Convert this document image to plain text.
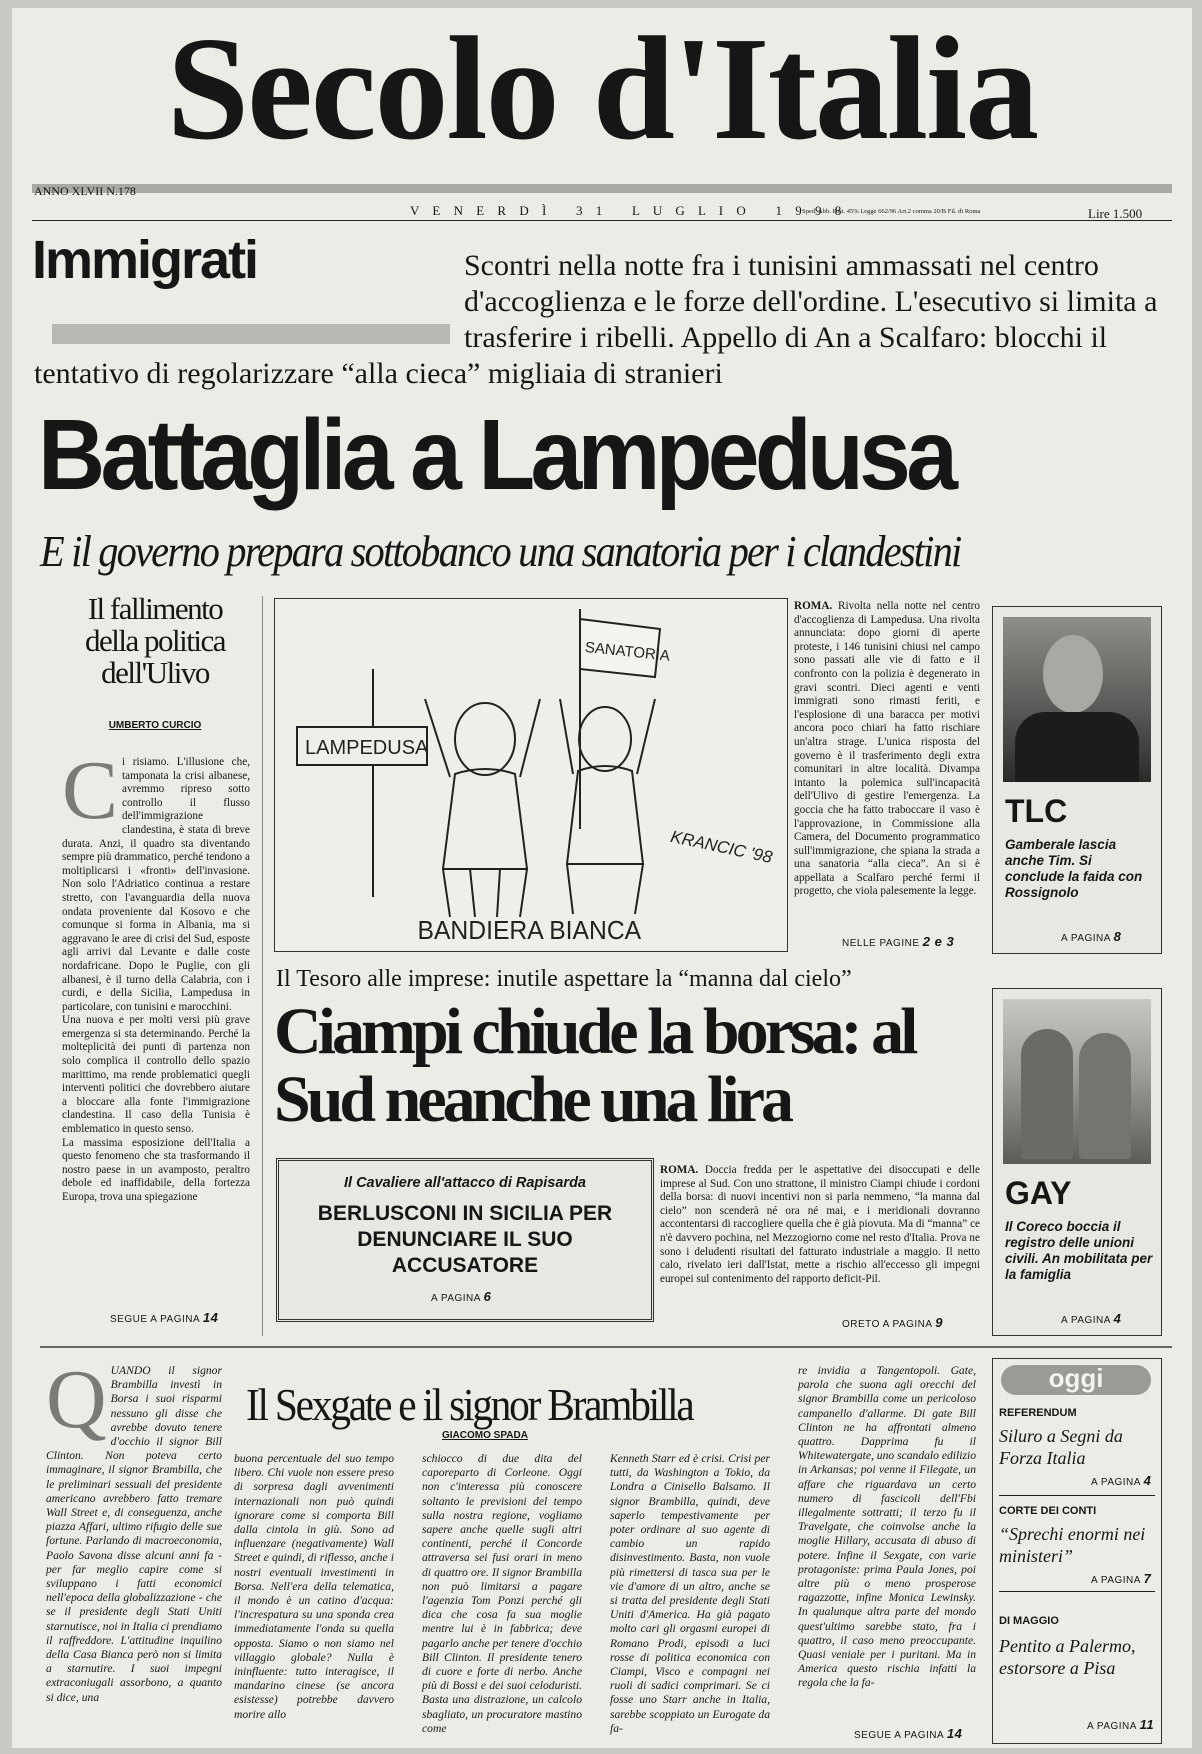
Secolo d'Italia
ANNO XLVII N.178
V E N E R D Ì   3 1   L U G L I O   1 9 9 8
Sped. Abb. Post. 45% Legge 662/96 Art.2 comma 20/B Fil. di Roma	Lire 1.500
Immigrati	Scontri nella notte fra i tunisini ammassati nel centro d'accoglienza e le forze dell'ordine. L'esecutivo si limita a trasferire i ribelli. Appello di An a Scalfaro: blocchi il tentativo di regolarizzare “alla cieca” migliaia di stranieri
Battaglia a Lampedusa
E il governo prepara sottobanco una sanatoria per i clandestini
Il fallimento della politica dell'Ulivo
UMBERTO CURCIO
C i risiamo. L'illusione che, tamponata la crisi albanese, avremmo ripreso sotto controllo il flusso dell'immigrazione clandestina, è stata di breve durata. Anzi, il quadro sta diventando sempre più drammatico, perché tendono a moltiplicarsi i «fronti» dell'invasione. Non solo l'Adriatico continua a restare stretto, con l'avanguardia della nuova ondata proveniente dal Kosovo e che comunque si forma in Albania, ma si aggravano le aree di crisi del Sud, esposte agli arrivi dal Levante e dalle coste nordafricane. Dopo le Puglie, con gli albanesi, è il turno della Calabria, con i curdi, e della Sicilia, Lampedusa in particolare, con tunisini e marocchini.
Una nuova e per molti versi più grave emergenza si sta determinando. Perché la molteplicità dei punti di partenza non solo complica il controllo dello spazio marittimo, ma rende problematici quegli interventi politici che dovrebbero aiutare a bloccare alla fonte l'immigrazione clandestina. Il caso della Tunisia è emblematico in questo senso.
La massima esposizione dell'Italia a questo fenomeno che sta trasformando il nostro paese in un avamposto, peraltro debole ed inaffidabile, della fortezza Europa, trova una spiegazione
SEGUE A PAGINA 14
LAMPEDUSA
SANATORIA
KRANCIC '98
BANDIERA BIANCA
ROMA. Rivolta nella notte nel centro d'accoglienza di Lampedusa. Una rivolta annunciata: dopo giorni di aperte proteste, i 146 tunisini chiusi nel campo sono passati alle vie di fatto e il confronto con la polizia è degenerato in gravi scontri. Dieci agenti e venti immigrati sono rimasti feriti, e l'esplosione di una baracca per motivi ancora poco chiari ha fatto rischiare un'altra strage. L'unica risposta del governo è il trasferimento degli extra comunitari in altre località. Divampa intanto la polemica sull'incapacità dell'Ulivo di gestire l'emergenza. La goccia che ha fatto traboccare il vaso è l'approvazione, in Commissione alla Camera, del Documento programmatico sull'immigrazione, che spiana la strada a una sanatoria “alla cieca”. An si è appellata a Scalfaro perché fermi il progetto, che viola palesemente la legge.
NELLE PAGINE 2 e 3
TLC
Gamberale lascia anche Tim. Si conclude la faida con Rossignolo
A PAGINA 8
Il Tesoro alle imprese: inutile aspettare la “manna dal cielo”
Ciampi chiude la borsa: al Sud neanche una lira
Il Cavaliere all'attacco di Rapisarda
BERLUSCONI IN SICILIA PER DENUNCIARE IL SUO ACCUSATORE
A PAGINA 6
ROMA. Doccia fredda per le aspettative dei disoccupati e delle imprese al Sud. Con uno strattone, il ministro Ciampi chiude i cordoni della borsa: di nuovi incentivi non si parla nemmeno, “la manna dal cielo” non scenderà né ora né mai, e i meridionali dovranno accontentarsi di raccogliere quella che è già piovuta. Ma di “manna” ce n'è davvero pochina, nel Mezzogiorno come nel resto d'Italia. Prova ne sono i deludenti risultati del fatturato industriale a maggio. Il netto calo, rivelato ieri dall'Istat, mette a rischio all'eccesso gli impegni europei sul contenimento del rapporto deficit-Pil.
ORETO A PAGINA 9
GAY
Il Coreco boccia il registro delle unioni civili. An mobilitata per la famiglia
A PAGINA 4
Il Sexgate e il signor Brambilla
GIACOMO SPADA
Q UANDO il signor Brambilla investì in Borsa i suoi risparmi nessuno gli disse che avrebbe dovuto tenere d'occhio il signor Bill Clinton. Non poteva certo immaginare, il signor Brambilla, che le preliminari sessuali del presidente americano avrebbero fatto tremare Wall Street e, di conseguenza, anche piazza Affari, ultimo rifugio delle sue fortune. Parlando di macroeconomia, Paolo Savona disse alcuni anni fa - per far meglio capire come si sviluppano i fatti economici nell'epoca della globalizzazione - che se il presidente degli Stati Uniti starnutisce, noi in Italia ci prendiamo il raffreddore. L'attitudine inquilino della Casa Bianca però non si limita a starnutire. I suoi impegni extraconiugali assorbono, a quanto si dice, una
buona percentuale del suo tempo libero. Chi vuole non essere preso di sorpresa dagli avvenimenti internazionali non può quindi ignorare come si comporta Bill dalla cintola in giù. Sono ad influenzare (negativamente) Wall Street e quindi, di riflesso, anche i nostri eventuali investimenti in Borsa. Nell'era della telematica, il mondo è un catino d'acqua: l'increspatura su una sponda crea immediatamente l'onda su quella opposta. Siamo o non siamo nel villaggio globale? Nulla è ininfluente: tutto interagisce, il mandarino cinese (se ancora esistesse) potrebbe davvero morire allo
schiocco di due dita del caporeparto di Corleone. Oggi non c'interessa più conoscere soltanto le previsioni del tempo sulla nostra regione, vogliamo sapere anche quelle sugli altri continenti, perché il Concorde attraversa sei fusi orari in meno di quattro ore. Il signor Brambilla non può limitarsi a pagare l'agenzia Tom Ponzi perché gli dica che cosa fa sua moglie mentre lui è in fabbrica; deve pagarlo anche per tenere d'occhio Bill Clinton. Il presidente tenero di cuore e forte di nerbo. Anche più di Bossi e dei suoi celoduristi. Basta una distrazione, un calcolo sbagliato, un procuratore mastino come
Kenneth Starr ed è crisi. Crisi per tutti, da Washington a Tokio, da Londra a Cinisello Balsamo. Il signor Brambilla, quindi, deve saperlo tempestivamente per poter ordinare al suo agente di cambio un rapido disinvestimento. Basta, non vuole più rimettersi di tasca sua per le vie d'amore di un altro, anche se si tratta del presidente degli Stati Uniti d'America. Ha già pagato molto cari gli orgasmi europei di Romano Prodi, episodi a luci rosse di politica economica con Ciampi, Visco e compagni nei ruoli di sadici comprimari. Se ci fosse uno Starr anche in Italia, sarebbe scoppiato un Eurogate da fa-
re invidia a Tangentopoli. Gate, parola che suona agli orecchi del signor Brambilla come un pericoloso campanello d'allarme. Di gate Bill Clinton ne ha affrontati almeno quattro. Dapprima fu il Whitewatergate, uno scandalo edilizio in Arkansas; poi venne il Filegate, un affare che riguardava un certo numero di fascicoli dell'Fbi illegalmente sottratti; il terzo fu il Travelgate, che coinvolse anche la moglie Hillary, accusata di abuso di potere. Infine il Sexgate, con varie protagoniste: prima Paula Jones, poi altre più o meno prosperose ragazzotte, infine Monica Lewinsky. In qualunque altra parte del mondo quest'ultimo sarebbe stato, fra i quattro, il caso meno preoccupante. Quasi veniale per i puritani. Ma in America questo rischia infatti la regola che la fa-
SEGUE A PAGINA 14
oggi
REFERENDUM
Siluro a Segni da Forza Italia
A PAGINA 4
CORTE DEI CONTI
“Sprechi enormi nei ministeri”
A PAGINA 7
DI MAGGIO
Pentito a Palermo, estorsore a Pisa
A PAGINA 11
